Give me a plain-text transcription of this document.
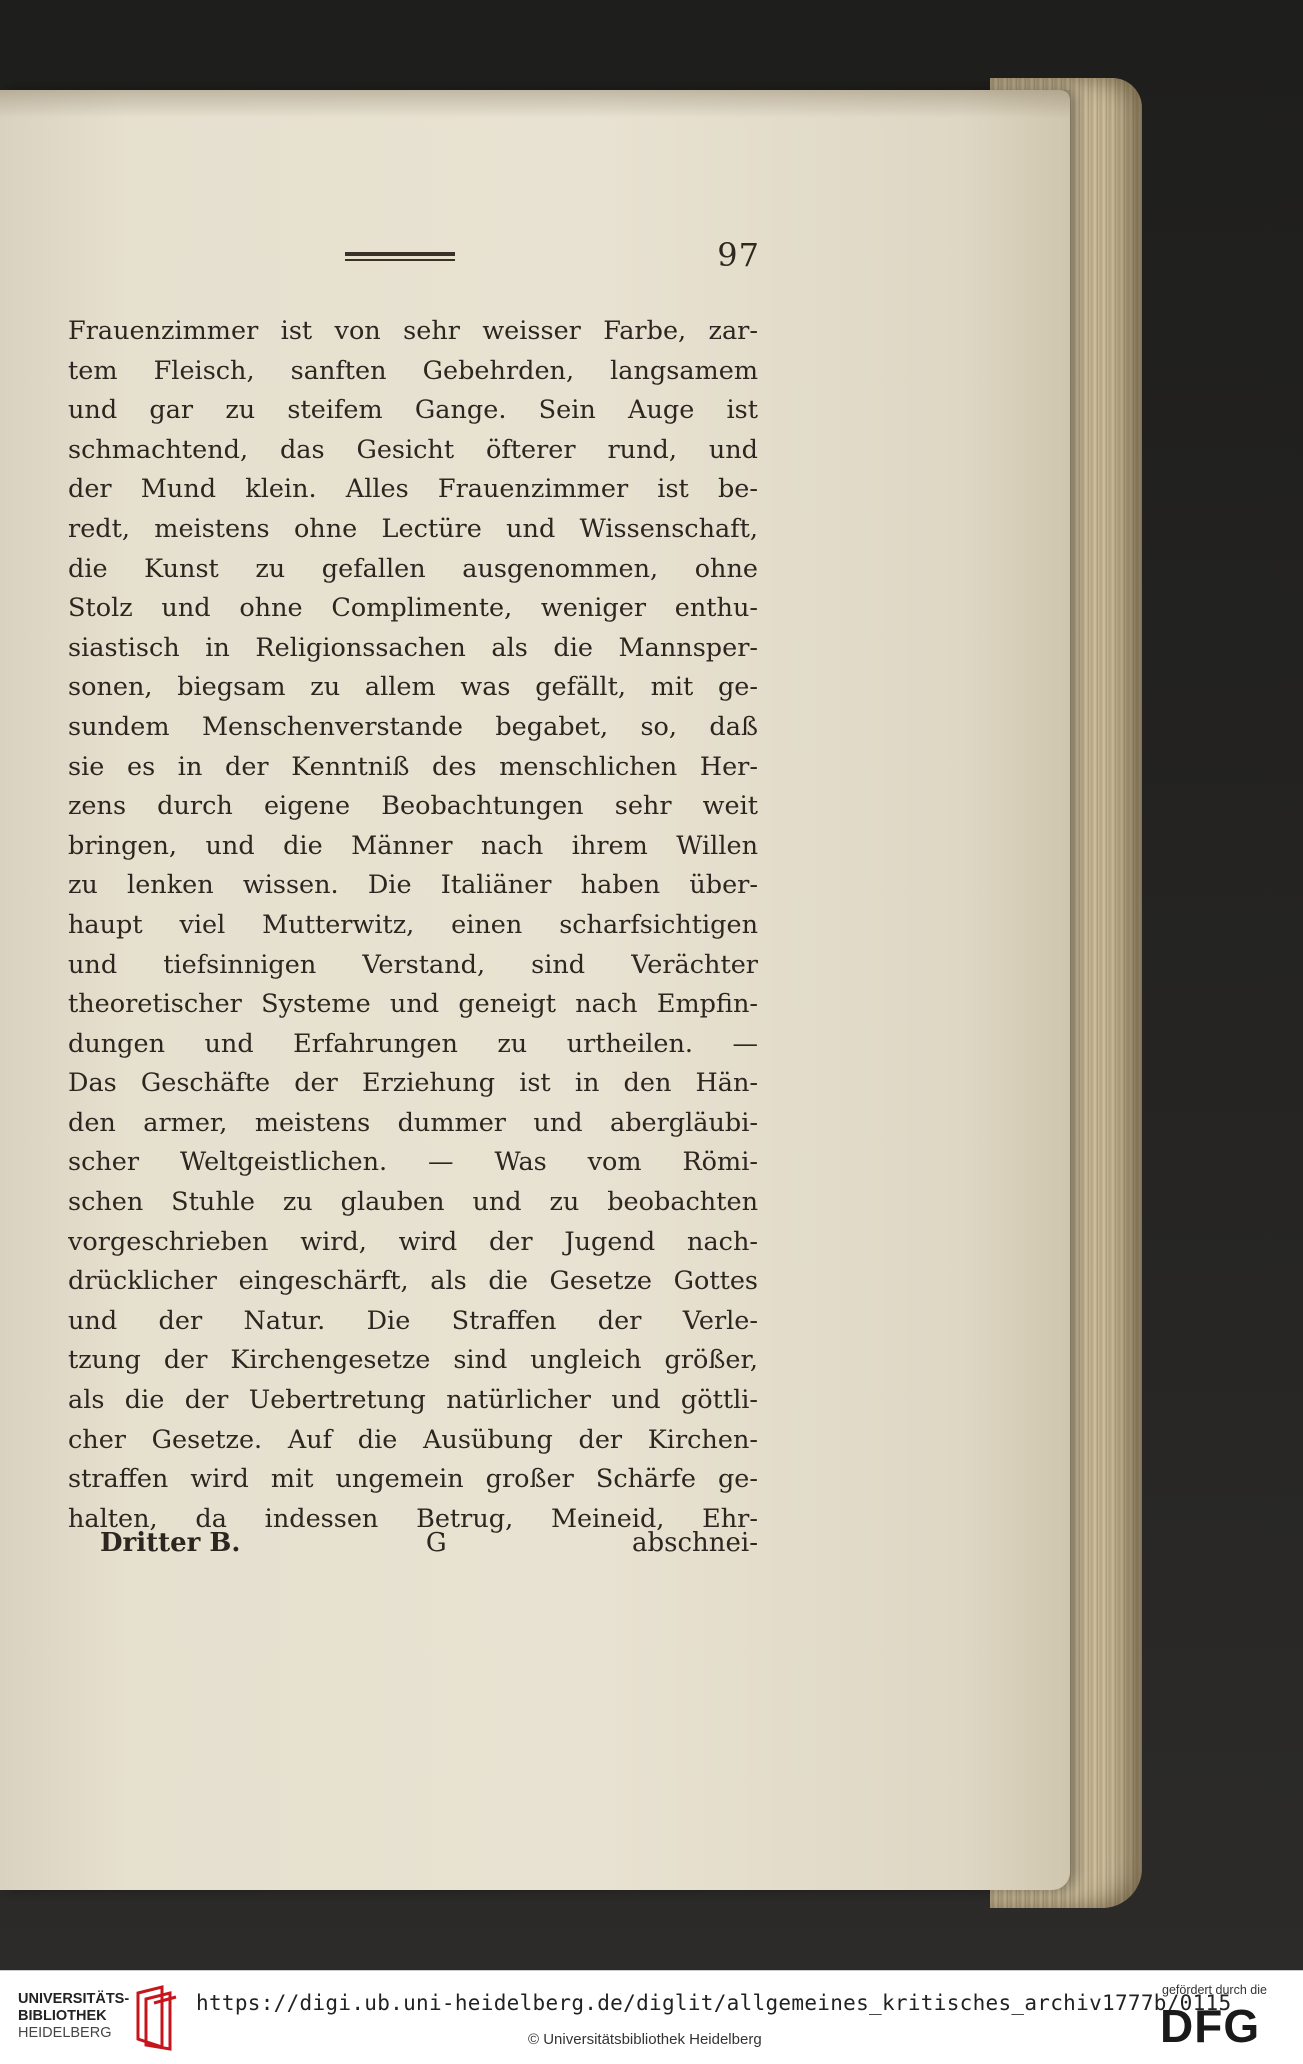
97
Frauenzimmer ist von sehr weisser Farbe, zar-
tem Fleisch, sanften Gebehrden, langsamem
und gar zu steifem Gange. Sein Auge ist
schmachtend, das Gesicht öfterer rund, und
der Mund klein. Alles Frauenzimmer ist be-
redt, meistens ohne Lectüre und Wissenschaft,
die Kunst zu gefallen ausgenommen, ohne
Stolz und ohne Complimente, weniger enthu-
siastisch in Religionssachen als die Mannsper-
sonen, biegsam zu allem was gefällt, mit ge-
sundem Menschenverstande begabet, so, daß
sie es in der Kenntniß des menschlichen Her-
zens durch eigene Beobachtungen sehr weit
bringen, und die Männer nach ihrem Willen
zu lenken wissen. Die Italiäner haben über-
haupt viel Mutterwitz, einen scharfsichtigen
und tiefsinnigen Verstand, sind Verächter
theoretischer Systeme und geneigt nach Empfin-
dungen und Erfahrungen zu urtheilen. —
Das Geschäfte der Erziehung ist in den Hän-
den armer, meistens dummer und abergläubi-
scher Weltgeistlichen. — Was vom Römi-
schen Stuhle zu glauben und zu beobachten
vorgeschrieben wird, wird der Jugend nach-
drücklicher eingeschärft, als die Gesetze Gottes
und der Natur. Die Straffen der Verle-
tzung der Kirchengesetze sind ungleich größer,
als die der Uebertretung natürlicher und göttli-
cher Gesetze. Auf die Ausübung der Kirchen-
straffen wird mit ungemein großer Schärfe ge-
halten, da indessen Betrug, Meineid, Ehr-
Dritter B.	G	abschnei-
UNIVERSITÄTS-
BIBLIOTHEK
HEIDELBERG
https://digi.ub.uni-heidelberg.de/diglit/allgemeines_kritisches_archiv1777b/0115
© Universitätsbibliothek Heidelberg
gefördert durch die
DFG
